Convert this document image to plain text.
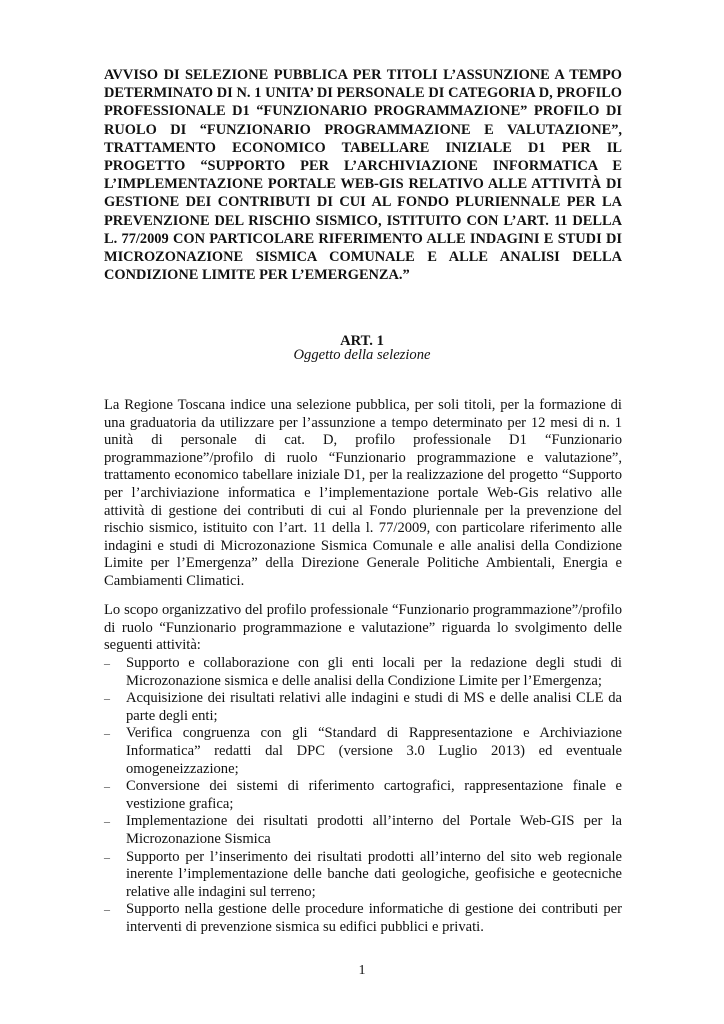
AVVISO DI SELEZIONE PUBBLICA PER TITOLI L’ASSUNZIONE A TEMPO DETERMINATO DI N. 1 UNITA’ DI PERSONALE DI CATEGORIA D, PROFILO PROFESSIONALE D1 “FUNZIONARIO PROGRAMMAZIONE” PROFILO DI RUOLO DI “FUNZIONARIO PROGRAMMAZIONE E VALUTAZIONE”, TRATTAMENTO ECONOMICO TABELLARE INIZIALE D1 PER IL PROGETTO “SUPPORTO PER L’ARCHIVIAZIONE INFORMATICA E L’IMPLEMENTAZIONE PORTALE WEB-GIS RELATIVO ALLE ATTIVITÀ DI GESTIONE DEI CONTRIBUTI DI CUI AL FONDO PLURIENNALE PER LA PREVENZIONE DEL RISCHIO SISMICO, ISTITUITO CON L’ART. 11 DELLA L. 77/2009 CON PARTICOLARE RIFERIMENTO ALLE INDAGINI E STUDI DI MICROZONAZIONE SISMICA COMUNALE E ALLE ANALISI DELLA CONDIZIONE LIMITE PER L’EMERGENZA.”

ART. 1

Oggetto della selezione

La Regione Toscana indice una selezione pubblica, per soli titoli, per la formazione di una graduatoria da utilizzare per l’assunzione a tempo determinato per 12 mesi di n. 1 unità di personale di cat. D, profilo professionale D1 “Funzionario programmazione”/profilo di ruolo “Funzionario programmazione e valutazione”, trattamento economico tabellare iniziale D1, per la realizzazione del progetto “Supporto per l’archiviazione informatica e l’implementazione portale Web-Gis relativo alle attività di gestione dei contributi di cui al Fondo pluriennale per la prevenzione del rischio sismico, istituito con l’art. 11 della l. 77/2009, con particolare riferimento alle indagini e studi di Microzonazione Sismica Comunale e alle analisi della Condizione Limite per l’Emergenza” della Direzione Generale Politiche Ambientali, Energia e Cambiamenti Climatici.

Lo scopo organizzativo del profilo professionale “Funzionario programmazione”/profilo di ruolo “Funzionario programmazione e valutazione” riguarda lo svolgimento delle seguenti attività:

–	Supporto e collaborazione con gli enti locali per la redazione degli studi di Microzonazione sismica e delle analisi della Condizione Limite per l’Emergenza;
–	Acquisizione dei risultati relativi alle indagini e studi di MS e delle analisi CLE da parte degli enti;
–	Verifica congruenza con gli “Standard di Rappresentazione e Archiviazione Informatica” redatti dal DPC (versione 3.0 Luglio 2013) ed eventuale omogeneizzazione;
–	Conversione dei sistemi di riferimento cartografici, rappresentazione finale e vestizione grafica;
–	Implementazione dei risultati prodotti all’interno del Portale Web-GIS per la Microzonazione Sismica
–	Supporto per l’inserimento dei risultati prodotti all’interno del sito web regionale inerente l’implementazione delle banche dati geologiche, geofisiche e geotecniche relative alle indagini sul terreno;
–	Supporto nella gestione delle procedure informatiche di gestione dei contributi per interventi di prevenzione sismica su edifici pubblici e privati.

1
